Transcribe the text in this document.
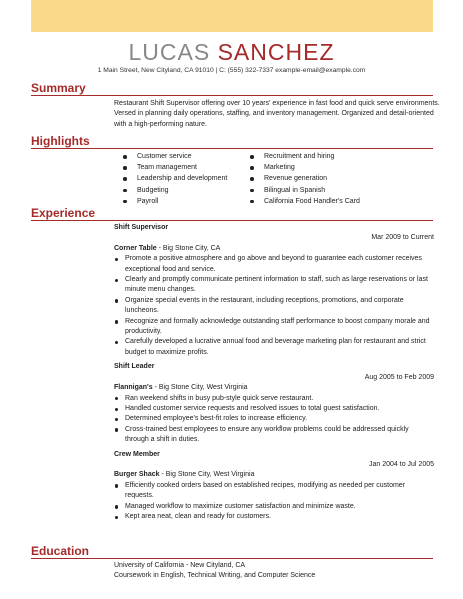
LUCAS SANCHEZ
1 Main Street, New Cityland, CA 91010 | C: (555) 322-7337 example-email@example.com
Summary
Restaurant Shift Supervisor offering over 10 years' experience in fast food and quick serve environments. Versed in planning daily operations, staffing, and inventory management. Organized and detail-oriented with a high-performing nature.
Highlights
Customer service
Team management
Leadership and development
Budgeting
Payroll
Recruitment and hiring
Marketing
Revenue generation
Bilingual in Spanish
California Food Handler's Card
Experience
Shift Supervisor
Mar 2009 to Current
Corner Table - Big Stone City, CA
Promote a positive atmosphere and go above and beyond to guarantee each customer receives exceptional food and service.
Clearly and promptly communicate pertinent information to staff, such as large reservations or last minute menu changes.
Organize special events in the restaurant, including receptions, promotions, and corporate luncheons.
Recognize and formally acknowledge outstanding staff performance to boost company morale and productivity.
Carefully developed a lucrative annual food and beverage marketing plan for restaurant and strict budget to maximize profits.
Shift Leader
Aug 2005 to Feb 2009
Flannigan's - Big Stone City, West Virginia
Ran weekend shifts in busy pub-style quick serve restaurant.
Handled customer service requests and resolved issues to total guest satisfaction.
Determined employee's best-fit roles to increase efficiency.
Cross-trained best employees to ensure any workflow problems could be addressed quickly through a shift in duties.
Crew Member
Jan 2004 to Jul 2005
Burger Shack - Big Stone City, West Virginia
Efficiently cooked orders based on established recipes, modifying as needed per customer requests.
Managed workflow to maximize customer satisfaction and minimize waste.
Kept area neat, clean and ready for customers.
Education
University of California - New Cityland, CA
Coursework in English, Technical Writing, and Computer Science
